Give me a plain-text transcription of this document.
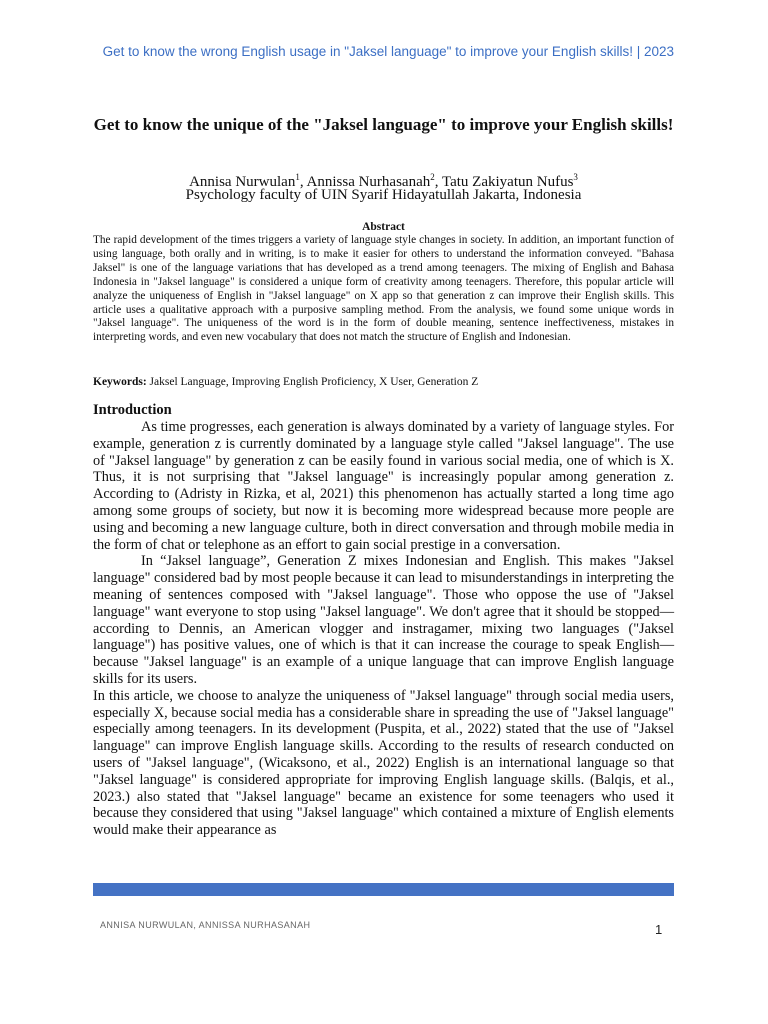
Get to know the wrong English usage in "Jaksel language" to improve your English skills! | 2023
Get to know the unique of the "Jaksel language" to improve your English skills!
Annisa Nurwulan$^1$, Annissa Nurhasanah$^2$, Tatu Zakiyatun Nufus$^3$
Psychology faculty of UIN Syarif Hidayatullah Jakarta, Indonesia
Abstract
The rapid development of the times triggers a variety of language style changes in society. In addition, an important function of using language, both orally and in writing, is to make it easier for others to understand the information conveyed. "Bahasa Jaksel" is one of the language variations that has developed as a trend among teenagers. The mixing of English and Bahasa Indonesia in "Jaksel language" is considered a unique form of creativity among teenagers. Therefore, this popular article will analyze the uniqueness of English in "Jaksel language" on X app so that generation z can improve their English skills. This article uses a qualitative approach with a purposive sampling method. From the analysis, we found some unique words in "Jaksel language". The uniqueness of the word is in the form of double meaning, sentence ineffectiveness, mistakes in interpreting words, and even new vocabulary that does not match the structure of English and Indonesian.
Keywords: Jaksel Language, Improving English Proficiency, X User, Generation Z
Introduction

As time progresses, each generation is always dominated by a variety of language styles. For example, generation z is currently dominated by a language style called "Jaksel language". The use of "Jaksel language" by generation z can be easily found in various social media, one of which is X. Thus, it is not surprising that "Jaksel language" is increasingly popular among generation z. According to (Adristy in Rizka, et al, 2021) this phenomenon has actually started a long time ago among some groups of society, but now it is becoming more widespread because more people are using and becoming a new language culture, both in direct conversation and through mobile media in the form of chat or telephone as an effort to gain social prestige in a conversation.

In “Jaksel language”, Generation Z mixes Indonesian and English. This makes "Jaksel language" considered bad by most people because it can lead to misunderstandings in interpreting the meaning of sentences composed with "Jaksel language". Those who oppose the use of "Jaksel language" want everyone to stop using "Jaksel language". We don't agree that it should be stopped—according to Dennis, an American vlogger and instragamer, mixing two languages ("Jaksel language") has positive values, one of which is that it can increase the courage to speak English—because "Jaksel language" is an example of a unique language that can improve English language skills for its users.

In this article, we choose to analyze the uniqueness of "Jaksel language" through social media users, especially X, because social media has a considerable share in spreading the use of "Jaksel language" especially among teenagers. In its development (Puspita, et al., 2022) stated that the use of "Jaksel language" can improve English language skills. According to the results of research conducted on users of "Jaksel language", (Wicaksono, et al., 2022) English is an international language so that "Jaksel language" is considered appropriate for improving English language skills. (Balqis, et al., 2023.) also stated that "Jaksel language" became an existence for some teenagers who used it because they considered that using "Jaksel language" which contained a mixture of English elements would make their appearance as

ANNISA NURWULAN, ANNISSA NURHASANAH	1
